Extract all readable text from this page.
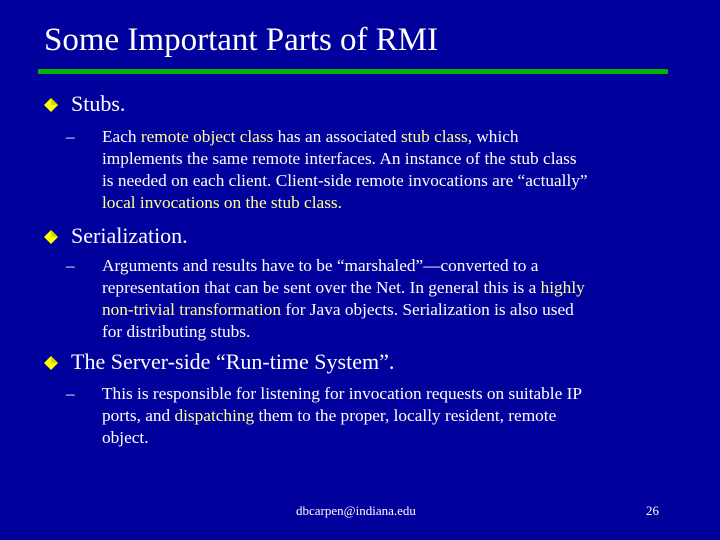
Some Important Parts of RMI
Stubs.
– Each remote object class has an associated stub class, which
implements the same remote interfaces. An instance of the stub class
is needed on each client. Client-side remote invocations are “actually”
local invocations on the stub class.
Serialization.
– Arguments and results have to be “marshaled”—converted to a
representation that can be sent over the Net. In general this is a highly
non-trivial transformation for Java objects. Serialization is also used
for distributing stubs.
The Server-side “Run-time System”.
– This is responsible for listening for invocation requests on suitable IP
ports, and dispatching them to the proper, locally resident, remote
object.
dbcarpen@indiana.edu	26
